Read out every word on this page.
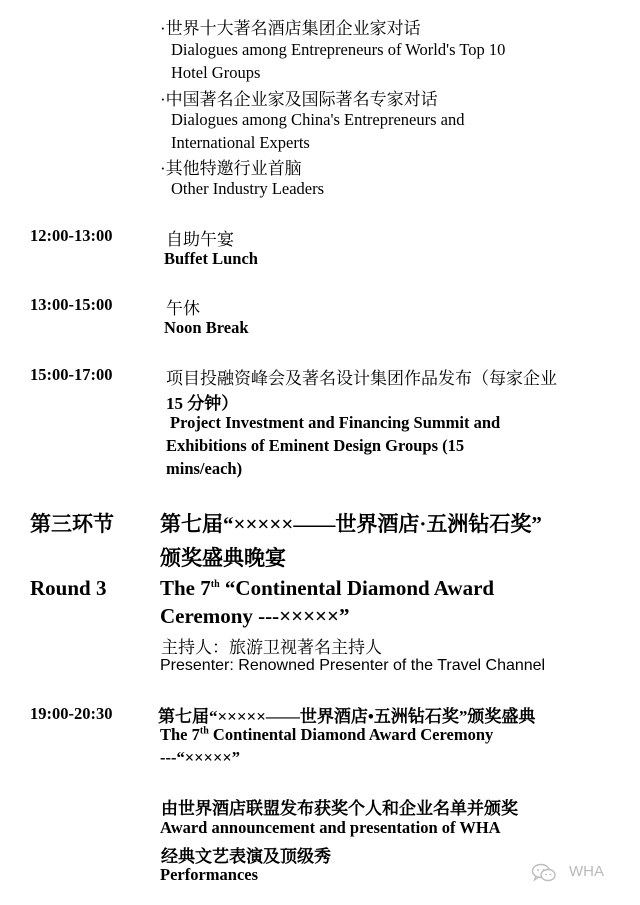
·世界十大著名酒店集团企业家对话
Dialogues among Entrepreneurs of World's Top 10
Hotel Groups
·中国著名企业家及国际著名专家对话
Dialogues among China's Entrepreneurs and
International Experts
·其他特邀行业首脑
Other Industry Leaders
12:00-13:00	自助午宴
Buffet Lunch
13:00-15:00	午休
Noon Break
15:00-17:00	项目投融资峰会及著名设计集团作品发布（每家企业
15 分钟）
Project Investment and Financing Summit and
Exhibitions of Eminent Design Groups (15
mins/each)
第三环节 第七届“×××××——世界酒店·五洲钻石奖”
颁奖盛典晚宴
Round 3	The 7th “Continental Diamond Award
Ceremony ---×××××”
主持人：旅游卫视著名主持人
Presenter: Renowned Presenter of the Travel Channel
19:00-20:30	第七届“×××××——世界酒店•五洲钻石奖”颁奖盛典
The 7th Continental Diamond Award Ceremony
---“×××××”
由世界酒店联盟发布获奖个人和企业名单并颁奖
Award announcement and presentation of WHA
经典文艺表演及顶级秀
Performances	WHA
